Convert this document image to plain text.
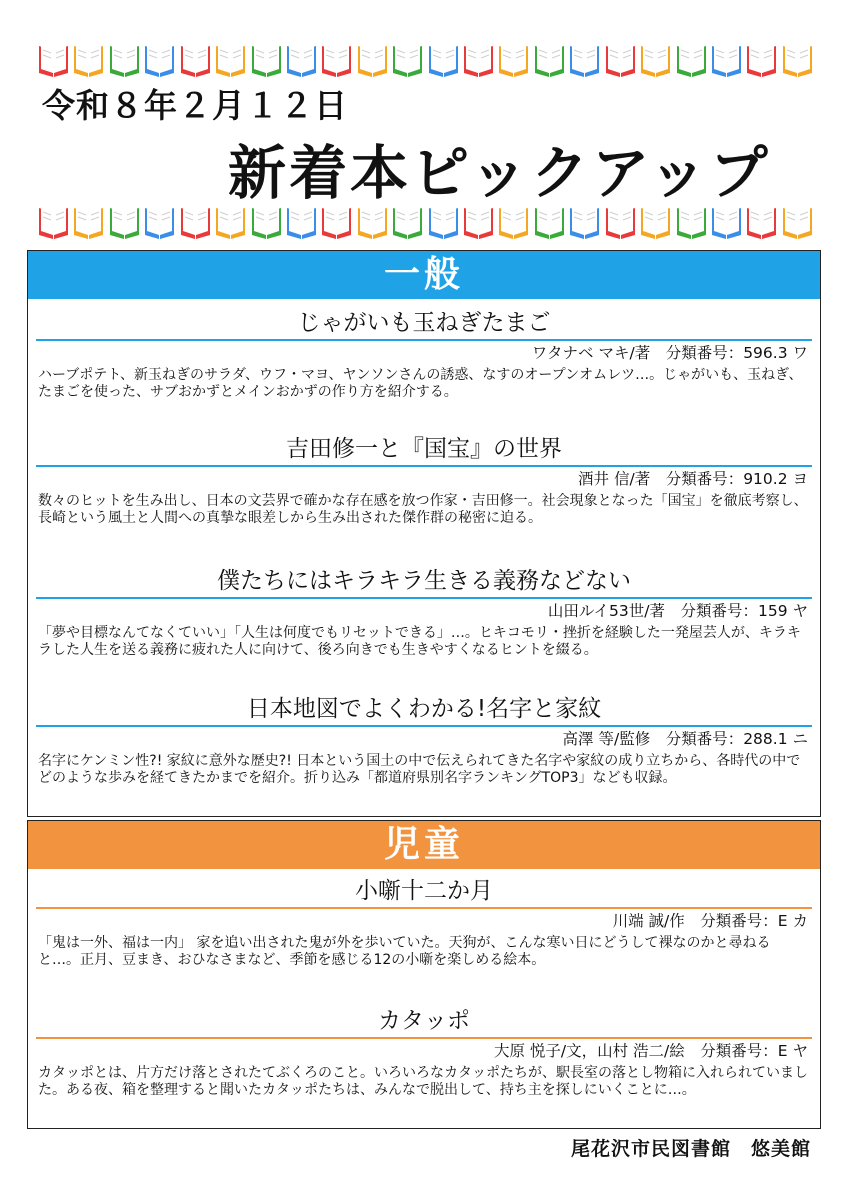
令和８年２月１２日
新着本ピックアップ
一般
じゃがいも玉ねぎたまご
ワタナベ マキ/著　分類番号：596.3 ワ
ハーブポテト、新玉ねぎのサラダ、ウフ・マヨ、ヤンソンさんの誘惑、なすのオープンオムレツ…。じゃがいも、玉ねぎ、たまごを使った、サブおかずとメインおかずの作り方を紹介する。
吉田修一と『国宝』の世界
酒井 信/著　分類番号：910.2 ヨ
数々のヒットを生み出し、日本の文芸界で確かな存在感を放つ作家・吉田修一。社会現象となった「国宝」を徹底考察し、長崎という風土と人間への真摯な眼差しから生み出された傑作群の秘密に迫る。
僕たちにはキラキラ生きる義務などない
山田ルイ53世/著　分類番号：159 ヤ
「夢や目標なんてなくていい」「人生は何度でもリセットできる」…。ヒキコモリ・挫折を経験した一発屋芸人が、キラキラした人生を送る義務に疲れた人に向けて、後ろ向きでも生きやすくなるヒントを綴る。
日本地図でよくわかる!名字と家紋
高澤 等/監修　分類番号：288.1 ニ
名字にケンミン性?! 家紋に意外な歴史?! 日本という国土の中で伝えられてきた名字や家紋の成り立ちから、各時代の中でどのような歩みを経てきたかまでを紹介。折り込み「都道府県別名字ランキングTOP3」なども収録。
児童
小噺十二か月
川端 誠/作　分類番号：E カ
「鬼は一外、福は一内」 家を追い出された鬼が外を歩いていた。天狗が、こんな寒い日にどうして裸なのかと尋ねると…。正月、豆まき、おひなさまなど、季節を感じる12の小噺を楽しめる絵本。
カタッポ
大原 悦子/文，山村 浩二/絵　分類番号：E ヤ
カタッポとは、片方だけ落とされたてぶくろのこと。いろいろなカタッポたちが、駅長室の落とし物箱に入れられていました。ある夜、箱を整理すると聞いたカタッポたちは、みんなで脱出して、持ち主を探しにいくことに…。
尾花沢市民図書館　悠美館
